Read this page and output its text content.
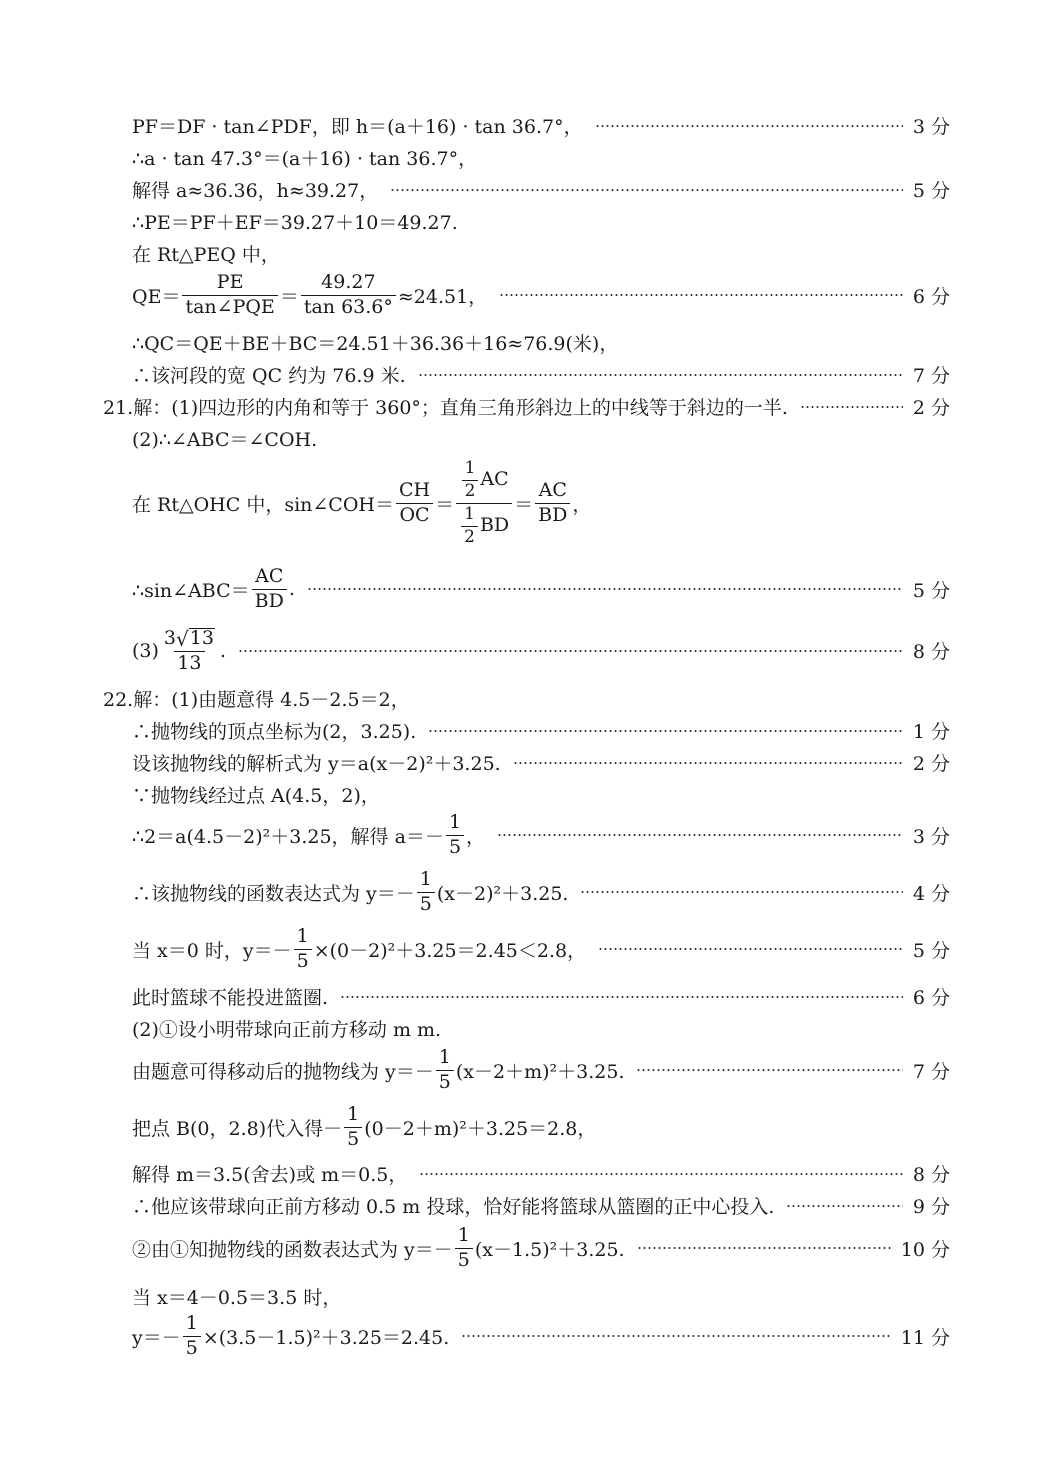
PF＝DF · tan∠PDF，即 h＝(a＋16) · tan 36.7°，	3 分
∴a · tan 47.3°＝(a＋16) · tan 36.7°，
解得 a≈36.36，h≈39.27，	5 分
∴PE＝PF＋EF＝39.27＋10＝49.27.
在 Rt△PEQ 中，
$QE= \frac{PE}{\text{tan∠PQE}} = \frac{49.27}{\tan 63.6^\circ} \approx 24.51$，	6 分
∴QC＝QE＋BE＋BC＝24.51＋36.36＋16≈76.9(米)，
∴该河段的宽 QC 约为 76.9 米.	7 分
21.解：(1)四边形的内角和等于 360°；直角三角形斜边上的中线等于斜边的一半.	2 分
(2)∴∠ABC＝∠COH.
在 Rt△OHC 中，sin∠COH＝ $\frac{CH}{OC} = \frac{\frac{1}{2} AC}{\frac{1}{2} BD} = \frac{AC}{BD}$ ，
∴sin∠ABC＝ $\frac{AC}{BD}$ .	5 分
$(3) \frac{3 √ 13}{13}$ .	8 分
22.解：(1)由题意得 4.5－2.5＝2，
∴抛物线的顶点坐标为(2，3.25).	1 分
设该抛物线的解析式为 y＝a(x－2)²＋3.25.	2 分
∵抛物线经过点 A(4.5，2)，
∴2＝a(4.5－2)²＋3.25，解得 $a=- \frac{1}{5}$ ，	3 分
∴该抛物线的函数表达式为 $y=- \frac{1}{5} (x-2)^2+3.25$.	4 分
当 x＝0 时，$y=- \frac{1}{5} \times(0-2)^2+3.25=2.45<2.8$，	5 分
此时篮球不能投进篮圈.	6 分
(2)①设小明带球向正前方移动 m m.
由题意可得移动后的抛物线为 $y=- \frac{1}{5} (x-2+m)^2+3.25$.	7 分
把点 B(0，2.8)代入得－ $\frac{1}{5} (0-2+m)^2+3.25=2.8$，
解得 m＝3.5(舍去)或 m＝0.5，	8 分
∴他应该带球向正前方移动 0.5 m 投球，恰好能将篮球从篮圈的正中心投入.	9 分
②由①知抛物线的函数表达式为 $y=- \frac{1}{5} (x-1.5)^2+3.25$.	10 分
当 x＝4－0.5＝3.5 时，
$y=- \frac{1}{5} \times(3.5-1.5)^2+3.25=2.45$.	11 分
